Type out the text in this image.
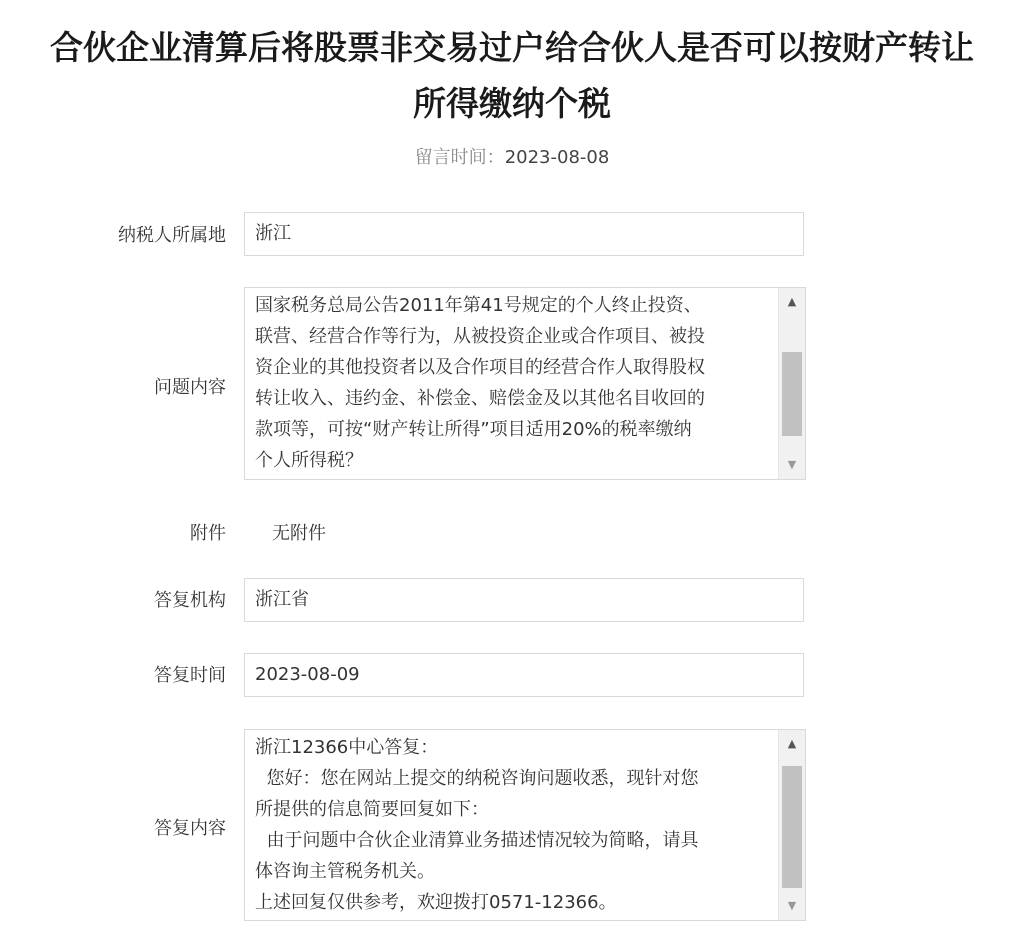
合伙企业清算后将股票非交易过户给合伙人是否可以按财产转让
所得缴纳个税
留言时间：2023-08-08
纳税人所属地	浙江
问题内容
国家税务总局公告2011年第41号规定的个人终止投资、
联营、经营合作等行为，从被投资企业或合作项目、被投
资企业的其他投资者以及合作项目的经营合作人取得股权
转让收入、违约金、补偿金、赔偿金及以其他名目收回的
款项等，可按“财产转让所得”项目适用20%的税率缴纳
个人所得税？
▲
▼
附件	无附件
答复机构	浙江省
答复时间	2023-08-09
答复内容
浙江12366中心答复：
您好：您在网站上提交的纳税咨询问题收悉，现针对您
所提供的信息简要回复如下：
由于问题中合伙企业清算业务描述情况较为简略，请具
体咨询主管税务机关。
上述回复仅供参考，欢迎拨打0571-12366。
▲
▼
